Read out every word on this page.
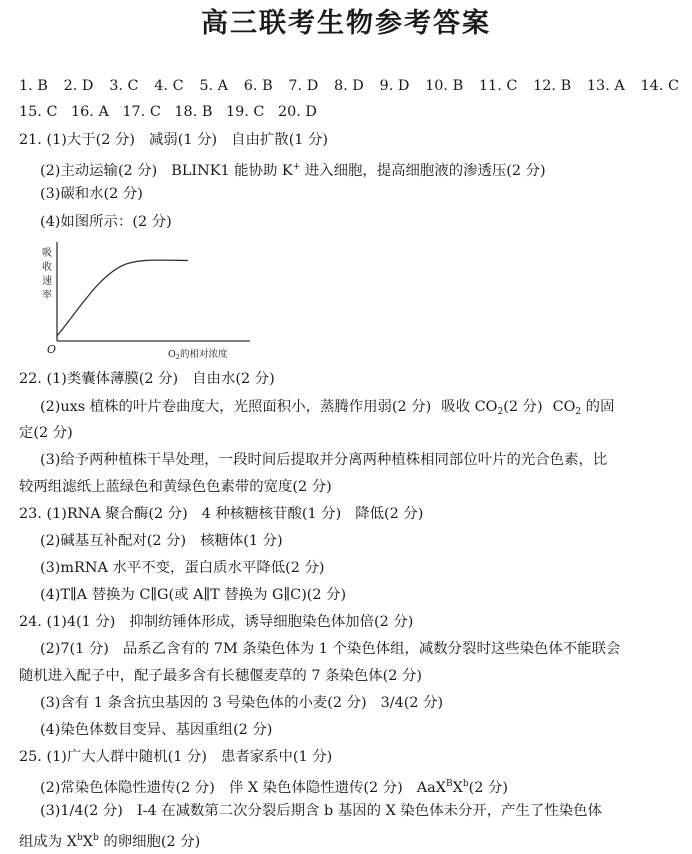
高三联考生物参考答案
1. B 2. D 3. C 4. C 5. A 6. B 7. D 8. D 9. D 10. B 11. C 12. B 13. A 14. C
15. C 16. A 17. C 18. B 19. C 20. D
21. (1)大于(2 分) 减弱(1 分) 自由扩散(1 分)
(2)主动运输(2 分) BLINK1 能协助 K+ 进入细胞，提高细胞液的渗透压(2 分)
(3)碳和水(2 分)
(4)如图所示：(2 分)
吸 收 速 率
O	$O_2$的相对浓度
22. (1)类囊体薄膜(2 分) 自由水(2 分)
(2)uxs 植株的叶片卷曲度大，光照面积小，蒸腾作用弱(2 分) 吸收 $CO_2(2$ 分) $CO_2$ 的固
定(2 分)
(3)给予两种植株干旱处理，一段时间后提取并分离两种植株相同部位叶片的光合色素，比
较两组滤纸上蓝绿色和黄绿色色素带的宽度(2 分)
23. (1)RNA 聚合酶(2 分) 4 种核糖核苷酸(1 分) 降低(2 分)
(2)碱基互补配对(2 分) 核糖体(1 分)
(3)mRNA 水平不变，蛋白质水平降低(2 分)
(4)T∥A 替换为 C∥G(或 A∥T 替换为 G∥C)(2 分)
24. (1)4(1 分) 抑制纺锤体形成，诱导细胞染色体加倍(2 分)
(2)7(1 分) 品系乙含有的 7M 条染色体为 1 个染色体组，减数分裂时这些染色体不能联会
随机进入配子中，配子最多含有长穗偃麦草的 7 条染色体(2 分)
(3)含有 1 条含抗虫基因的 3 号染色体的小麦(2 分) 3/4(2 分)
(4)染色体数目变异、基因重组(2 分)
25. (1)广大人群中随机(1 分) 患者家系中(1 分)
(2)常染色体隐性遗传(2 分) 伴 X 染色体隐性遗传(2 分) $AaX^BX^b(2$ 分)
(3)1/4(2 分) Ⅰ-4 在减数第二次分裂后期含 b 基因的 X 染色体未分开，产生了性染色体
组成为 $X^bX^b$ 的卵细胞(2 分)
